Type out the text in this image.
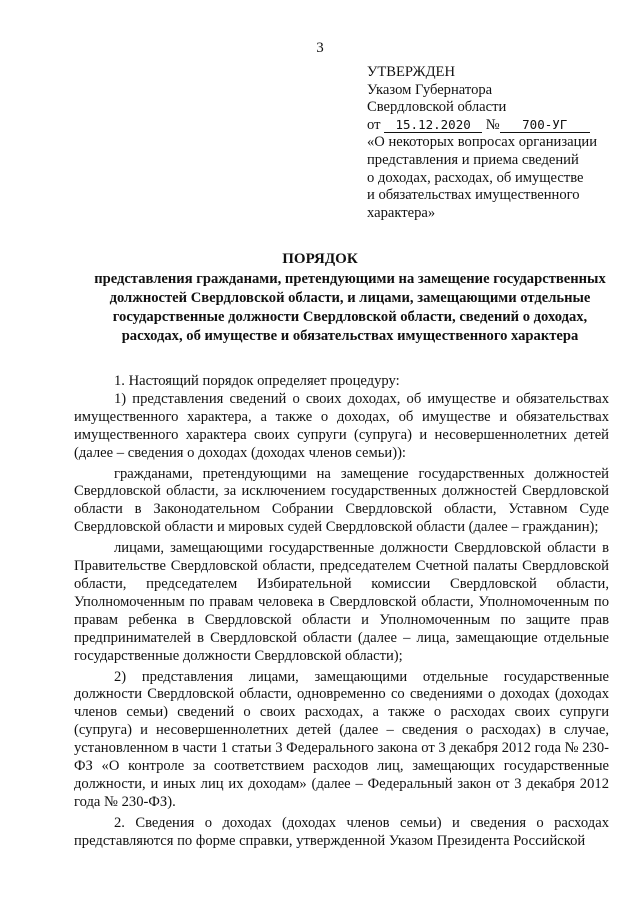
3
УТВЕРЖДЕН
Указом Губернатора
Свердловской области
от 15.12.2020 № 700-УГ
«О некоторых вопросах организации
представления и приема сведений
о доходах, расходах, об имуществе
и обязательствах имущественного
характера»
ПОРЯДОК
представления гражданами, претендующими на замещение государственных
должностей Свердловской области, и лицами, замещающими отдельные
государственные должности Свердловской области, сведений о доходах,
расходах, об имуществе и обязательствах имущественного характера

1. Настоящий порядок определяет процедуру:

1) представления сведений о своих доходах, об имуществе и обязательствах имущественного характера, а также о доходах, об имуществе и обязательствах имущественного характера своих супруги (супруга) и несовершеннолетних детей (далее – сведения о доходах (доходах членов семьи)):

гражданами, претендующими на замещение государственных должностей Свердловской области, за исключением государственных должностей Свердловской области в Законодательном Собрании Свердловской области, Уставном Суде Свердловской области и мировых судей Свердловской области (далее – гражданин);

лицами, замещающими государственные должности Свердловской области в Правительстве Свердловской области, председателем Счетной палаты Свердловской области, председателем Избирательной комиссии Свердловской области, Уполномоченным по правам человека в Свердловской области, Уполномоченным по правам ребенка в Свердловской области и Уполномоченным по защите прав предпринимателей в Свердловской области (далее – лица, замещающие отдельные государственные должности Свердловской области);

2) представления лицами, замещающими отдельные государственные должности Свердловской области, одновременно со сведениями о доходах (доходах членов семьи) сведений о своих расходах, а также о расходах своих супруги (супруга) и несовершеннолетних детей (далее – сведения о расходах) в случае, установленном в части 1 статьи 3 Федерального закона от 3 декабря 2012 года № 230-ФЗ «О контроле за соответствием расходов лиц, замещающих государственные должности, и иных лиц их доходам» (далее – Федеральный закон от 3 декабря 2012 года № 230-ФЗ).

2. Сведения о доходах (доходах членов семьи) и сведения о расходах представляются по форме справки, утвержденной Указом Президента Российской
